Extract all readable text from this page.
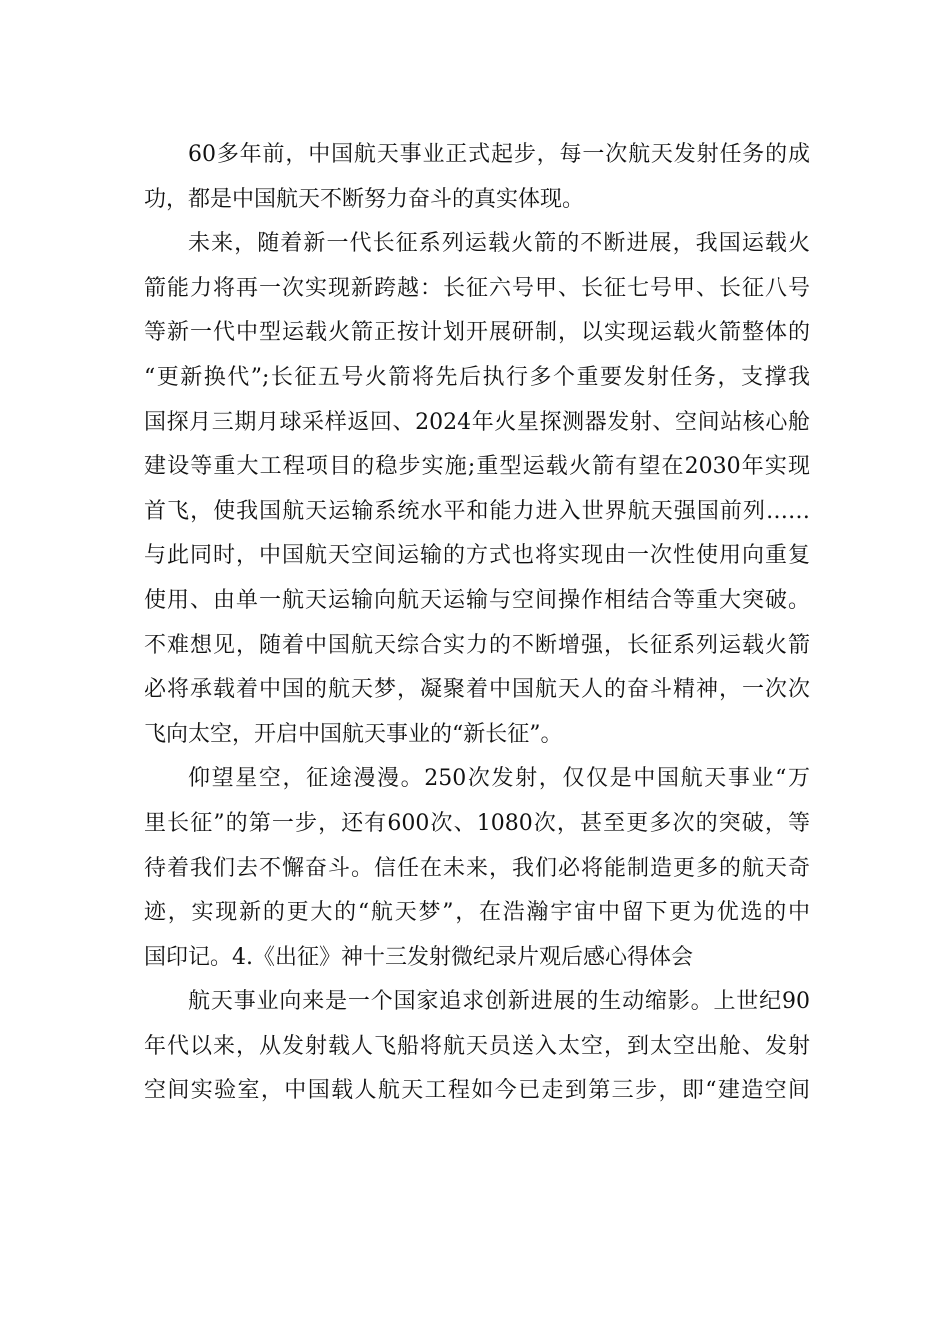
60多年前，中国航天事业正式起步，每一次航天发射任务的成
功，都是中国航天不断努力奋斗的真实体现。
未来，随着新一代长征系列运载火箭的不断进展，我国运载火
箭能力将再一次实现新跨越：长征六号甲、长征七号甲、长征八号
等新一代中型运载火箭正按计划开展研制，以实现运载火箭整体的
“更新换代”;长征五号火箭将先后执行多个重要发射任务，支撑我
国探月三期月球采样返回、2024年火星探测器发射、空间站核心舱
建设等重大工程项目的稳步实施;重型运载火箭有望在2030年实现
首飞，使我国航天运输系统水平和能力进入世界航天强国前列……
与此同时，中国航天空间运输的方式也将实现由一次性使用向重复
使用、由单一航天运输向航天运输与空间操作相结合等重大突破。
不难想见，随着中国航天综合实力的不断增强，长征系列运载火箭
必将承载着中国的航天梦，凝聚着中国航天人的奋斗精神，一次次
飞向太空，开启中国航天事业的“新长征”。
仰望星空，征途漫漫。250次发射，仅仅是中国航天事业“万
里长征”的第一步，还有600次、1080次，甚至更多次的突破，等
待着我们去不懈奋斗。信任在未来，我们必将能制造更多的航天奇
迹，实现新的更大的“航天梦”，在浩瀚宇宙中留下更为优选的中
国印记。4.《出征》神十三发射微纪录片观后感心得体会
航天事业向来是一个国家追求创新进展的生动缩影。上世纪90
年代以来，从发射载人飞船将航天员送入太空，到太空出舱、发射
空间实验室，中国载人航天工程如今已走到第三步，即“建造空间
